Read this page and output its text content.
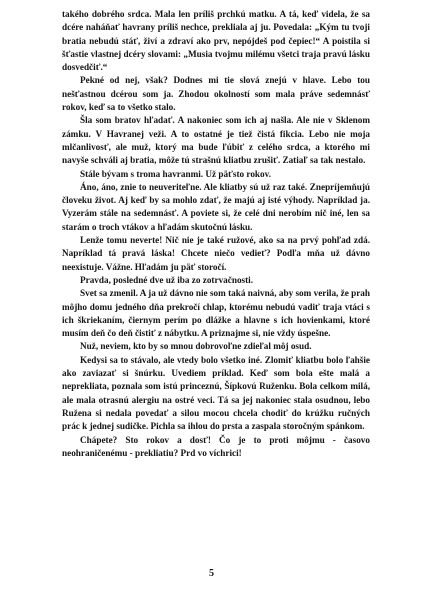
takého dobrého srdca. Mala len príliš prchkú matku. A tá, keď videla, že sa dcére naháňať havrany príliš nechce, prekliala aj ju. Povedala: „Kým tu tvoji bratia nebudú stáť, živí a zdraví ako prv, nepójdeš pod čepiec!“ A poistila si šťastie vlastnej dcéry slovami: „Musia tvojmu milému všetci traja pravú lásku dosvedčiť.“

Pekné od nej, však? Dodnes mi tie slová znejú v hlave. Lebo tou nešťastnou dcérou som ja. Zhodou okolností som mala práve sedemnásť rokov, keď sa to všetko stalo.

Šla som bratov hľadať. A nakoniec som ich aj našla. Ale nie v Sklenom zámku. V Havranej veži. A to ostatné je tiež čistá fikcia. Lebo nie moja mlčanlivosť, ale muž, ktorý ma bude ľúbiť z celého srdca, a ktorého mi navyše schváli aj bratia, môže tú strašnú kliatbu zrušiť. Zatiaľ sa tak nestalo.

Stále bývam s troma havranmi. Už päťsto rokov.

Áno, áno, znie to neuveriteľne. Ale kliatby sú už raz také. Znepríjemňujú človeku život. Aj keď by sa mohlo zdať, že majú aj isté výhody. Napríklad ja. Vyzerám stále na sedemnásť. A poviete si, že celé dni nerobím nič iné, len sa starám o troch vtákov a hľadám skutočnú lásku.

Lenže tomu neverte! Nič nie je také ružové, ako sa na prvý pohľad zdá. Napríklad tá pravá láska! Chcete niečo vedieť? Podľa mňa už dávno neexistuje. Vážne. Hľadám ju päť storočí.

Pravda, posledné dve už iba zo zotrvačnosti.

Svet sa zmenil. A ja už dávno nie som taká naivná, aby som verila, že prah môjho domu jedného dňa prekročí chlap, ktorému nebudú vadiť traja vtáci s ich škriekaním, čiernym perím po dlážke a hlavne s ich hovienkami, ktoré musím deň čo deň čistiť z nábytku. A priznajme si, nie vždy úspešne.

Nuž, neviem, kto by so mnou dobrovoľne zdieľal môj osud.

Kedysi sa to stávalo, ale vtedy bolo všetko iné. Zlomiť kliatbu bolo ľahšie ako zaviazať si šnúrku. Uvediem príklad. Keď som bola ešte malá a neprekliata, poznala som istú princeznú, Šípkovú Ruženku. Bola celkom milá, ale mala otrasnú alergiu na ostré veci. Tá sa jej nakoniec stala osudnou, lebo Ružena si nedala povedať a silou mocou chcela chodiť do krúžku ručných prác k jednej sudičke. Pichla sa ihlou do prsta a zaspala storočným spánkom.

Chápete? Sto rokov a dosť! Čo je to proti môjmu - časovo neohraničenému - prekliatiu? Prd vo víchrici!

5
